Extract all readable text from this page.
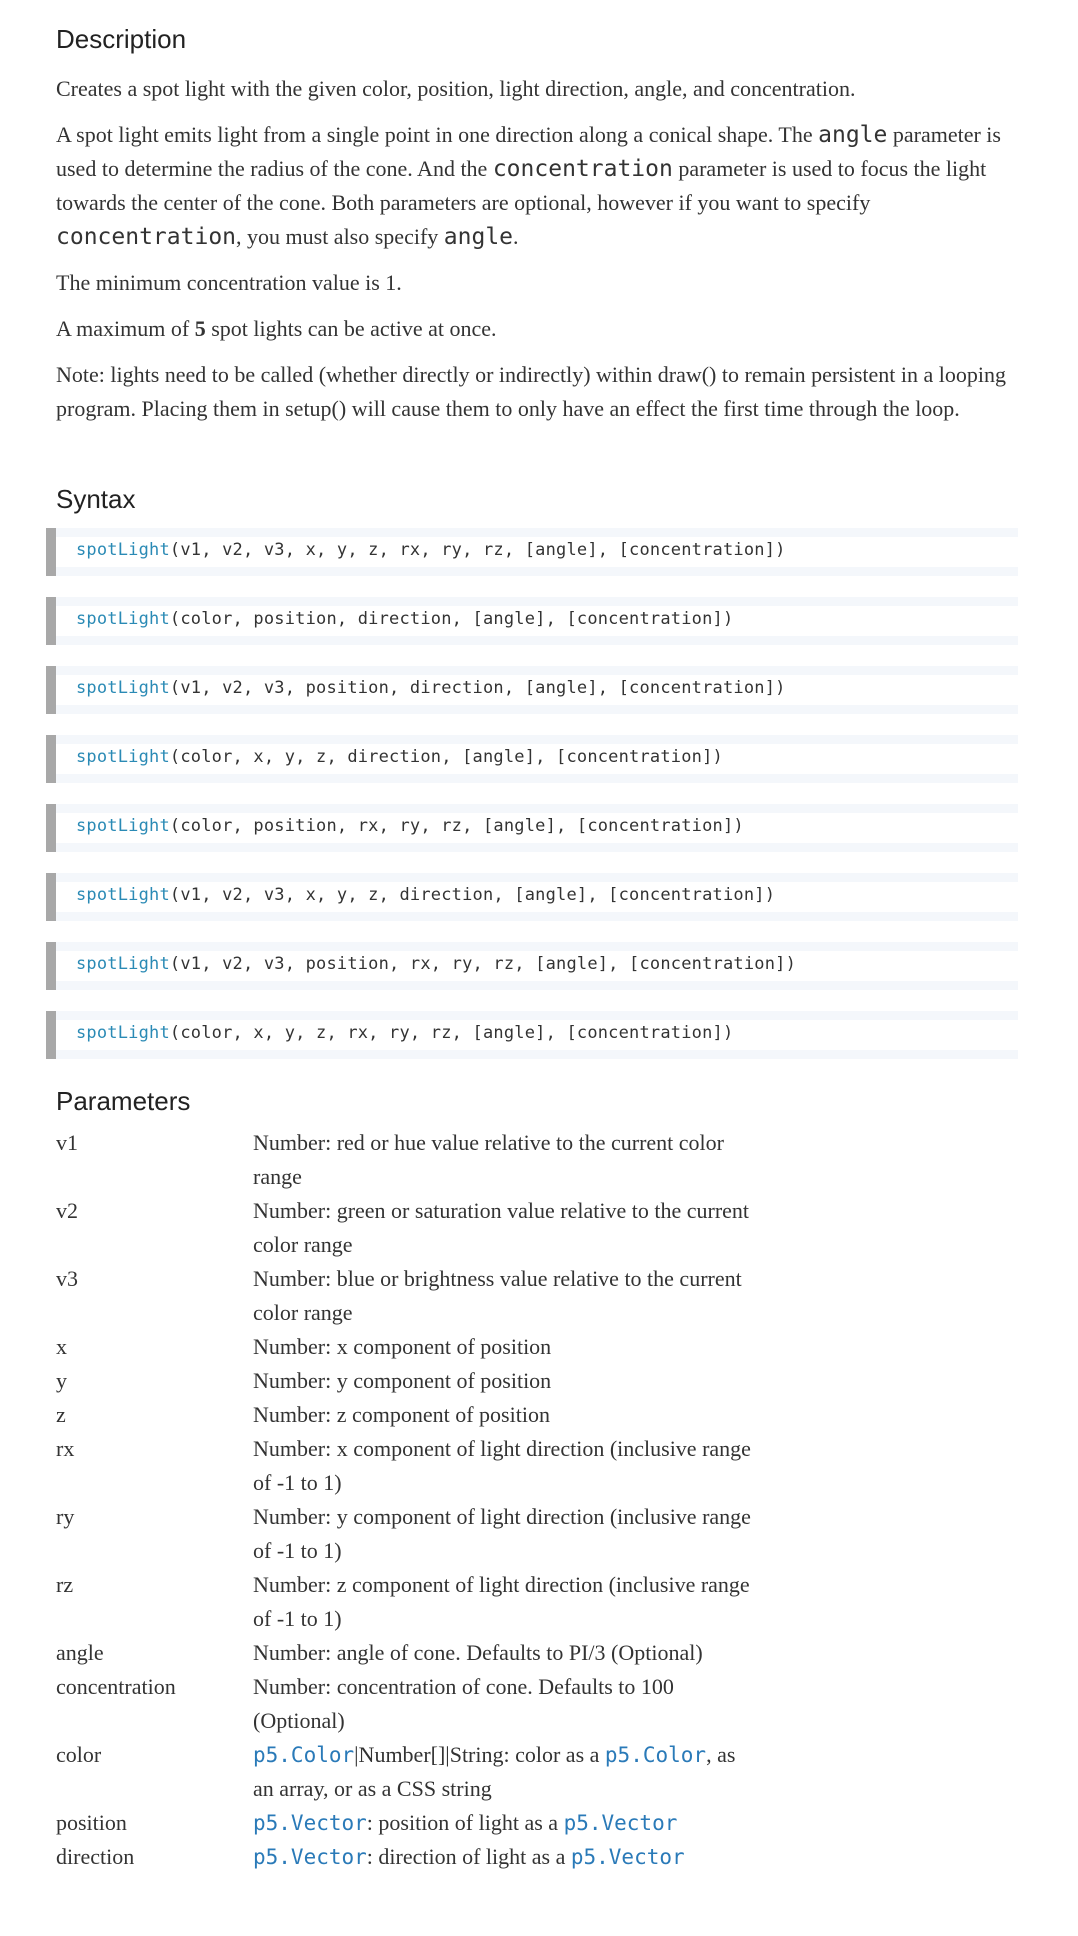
Description

Creates a spot light with the given color, position, light direction, angle, and concentration.

A spot light emits light from a single point in one direction along a conical shape. The angle parameter is used to determine the radius of the cone. And the concentration parameter is used to focus the light towards the center of the cone. Both parameters are optional, however if you want to specify concentration, you must also specify angle.

The minimum concentration value is 1.

A maximum of 5 spot lights can be active at once.

Note: lights need to be called (whether directly or indirectly) within draw() to remain persistent in a looping program. Placing them in setup() will cause them to only have an effect the first time through the loop.

Syntax
spotLight(v1, v2, v3, x, y, z, rx, ry, rz, [angle], [concentration])
spotLight(color, position, direction, [angle], [concentration])
spotLight(v1, v2, v3, position, direction, [angle], [concentration])
spotLight(color, x, y, z, direction, [angle], [concentration])
spotLight(color, position, rx, ry, rz, [angle], [concentration])
spotLight(v1, v2, v3, x, y, z, direction, [angle], [concentration])
spotLight(v1, v2, v3, position, rx, ry, rz, [angle], [concentration])
spotLight(color, x, y, z, rx, ry, rz, [angle], [concentration])
Parameters
v1	Number: red or hue value relative to the current color range
v2	Number: green or saturation value relative to the current color range
v3	Number: blue or brightness value relative to the current color range
x	Number: x component of position
y	Number: y component of position
z	Number: z component of position
rx	Number: x component of light direction (inclusive range of -1 to 1)
ry	Number: y component of light direction (inclusive range of -1 to 1)
rz	Number: z component of light direction (inclusive range of -1 to 1)
angle	Number: angle of cone. Defaults to PI/3 (Optional)
concentration	Number: concentration of cone. Defaults to 100 (Optional)
color	p5.Color|Number[]|String: color as a p5.Color, as an array, or as a CSS string
position	p5.Vector: position of light as a p5.Vector
direction	p5.Vector: direction of light as a p5.Vector
